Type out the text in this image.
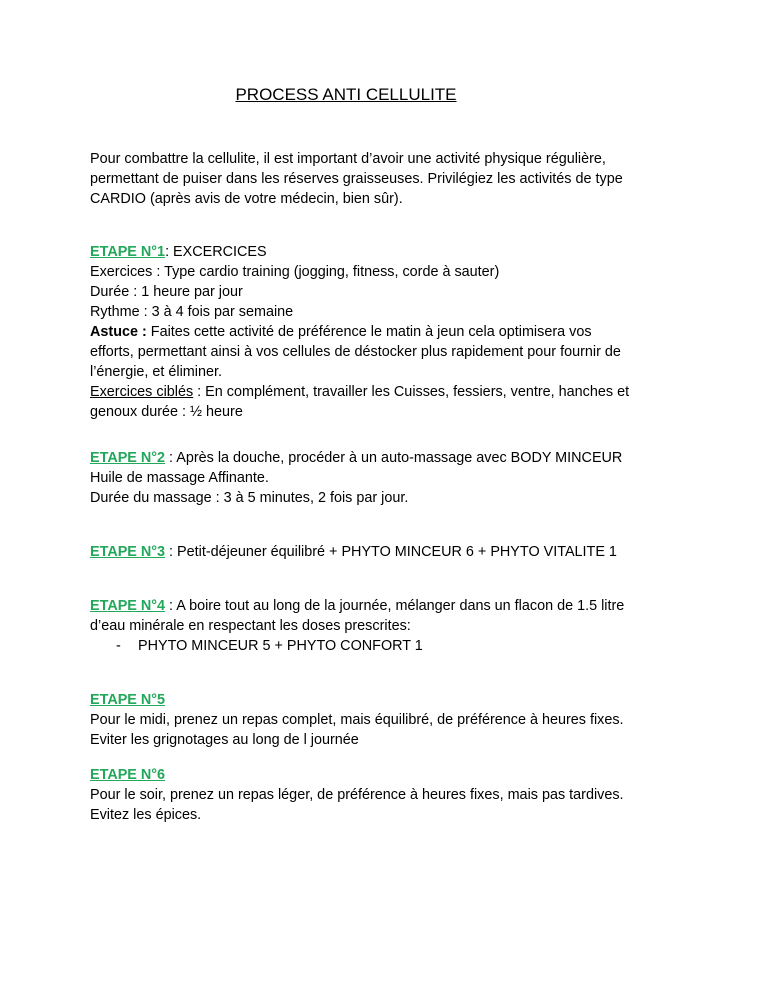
PROCESS ANTI CELLULITE
Pour combattre la cellulite, il est important d’avoir une activité physique régulière,
permettant de puiser dans les réserves graisseuses. Privilégiez les activités de type
CARDIO (après avis de votre médecin, bien sûr).
ETAPE N°1: EXCERCICES
Exercices : Type cardio training (jogging, fitness, corde à sauter)
Durée : 1 heure par jour
Rythme : 3 à 4 fois par semaine
Astuce : Faites cette activité de préférence le matin à jeun cela optimisera vos
efforts, permettant ainsi à vos cellules de déstocker plus rapidement pour fournir de
l’énergie, et éliminer.
Exercices ciblés : En complément, travailler les Cuisses, fessiers, ventre, hanches et
genoux durée : ½ heure
ETAPE N°2 : Après la douche, procéder à un auto-massage avec BODY MINCEUR
Huile de massage Affinante.
Durée du massage : 3 à 5 minutes, 2 fois par jour.
ETAPE N°3 : Petit-déjeuner équilibré + PHYTO MINCEUR 6 + PHYTO VITALITE 1
ETAPE N°4 : A boire tout au long de la journée, mélanger dans un flacon de 1.5 litre
d’eau minérale en respectant les doses prescrites:
- PHYTO MINCEUR 5 + PHYTO CONFORT 1
ETAPE N°5
Pour le midi, prenez un repas complet, mais équilibré, de préférence à heures fixes.
Eviter les grignotages au long de l journée
ETAPE N°6
Pour le soir, prenez un repas léger, de préférence à heures fixes, mais pas tardives.
Evitez les épices.
